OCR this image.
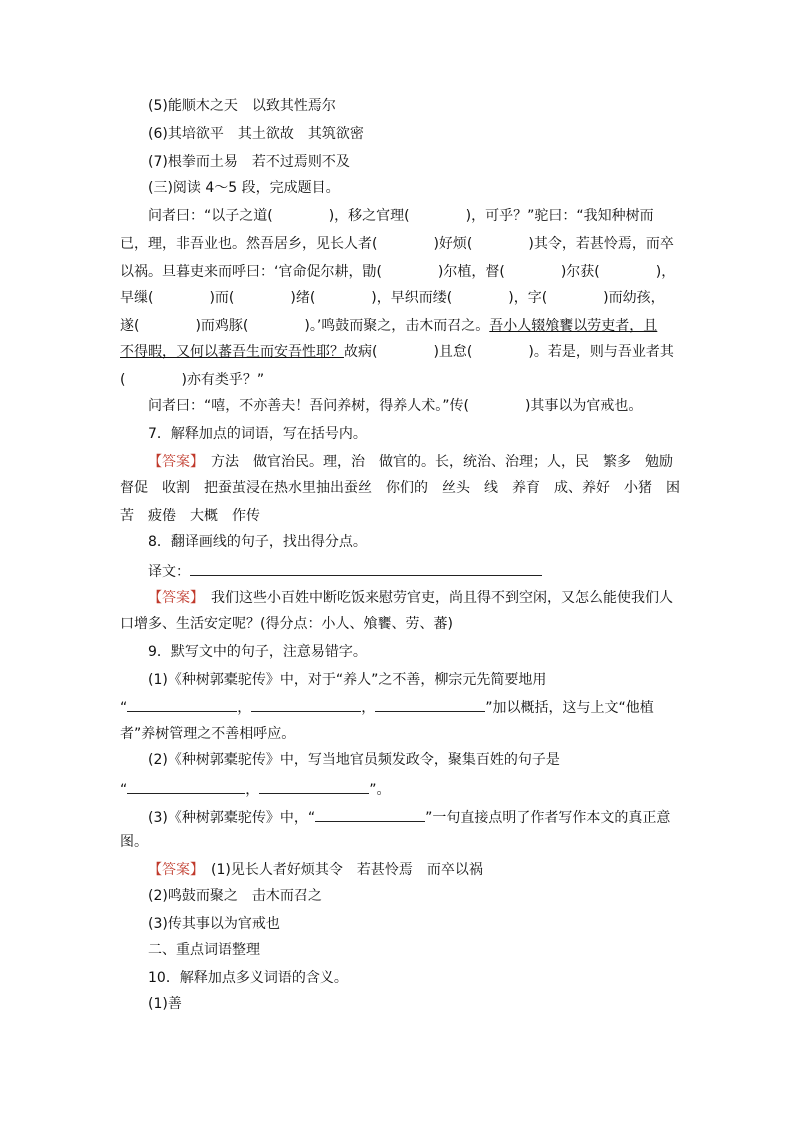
(5)能顺木之天　以致其性焉尔
(6)其培欲平　其土欲故　其筑欲密
(7)根拳而土易　若不过焉则不及
(三)阅读 4～5 段，完成题目。
问者曰：“以子之道(　　　　)，移之官理(　　　　)，可乎？”驼曰：“我知种树而
已，理，非吾业也。然吾居乡，见长人者(　　　　)好烦(　　　　)其令，若甚怜焉，而卒
以祸。旦暮吏来而呼曰：‘官命促尔耕，勖(　　　　)尔植，督(　　　　)尔获(　　　　)，
早缫(　　　　)而(　　　　)绪(　　　　)，早织而缕(　　　　)，字(　　　　)而幼孩，
遂(　　　　)而鸡豚(　　　　)。’鸣鼓而聚之，击木而召之。吾小人辍飧饔以劳吏者，且
不得暇，又何以蕃吾生而安吾性耶？故病(　　　　)且怠(　　　　)。若是，则与吾业者其
(　　　　)亦有类乎？”
问者曰：“嘻，不亦善夫！吾问养树，得养人术。”传(　　　　)其事以为官戒也。
7．解释加点的词语，写在括号内。
【答案】　 方法　做官治民。理，治　做官的。长，统治、治理；人，民　繁多　勉励
督促　收割　把蚕茧浸在热水里抽出蚕丝　你们的　丝头　线　养育　成、养好　小猪　困
苦　疲倦　大概　作传
8．翻译画线的句子，找出得分点。
译文：
【答案】　 我们这些小百姓中断吃饭来慰劳官吏，尚且得不到空闲，又怎么能使我们人
口增多、生活安定呢？(得分点：小人、飧饔、劳、蕃)
9．默写文中的句子，注意易错字。
(1)《种树郭橐驼传》中，对于“养人”之不善，柳宗元先简要地用
“	，	，	”加以概括，这与上文“他植
者”养树管理之不善相呼应。
(2)《种树郭橐驼传》中，写当地官员频发政令，聚集百姓的句子是
“	，	”。
(3)《种树郭橐驼传》中，“	”一句直接点明了作者写作本文的真正意
图。
【答案】　 (1)见长人者好烦其令　若甚怜焉　而卒以祸
(2)鸣鼓而聚之　击木而召之
(3)传其事以为官戒也
二、重点词语整理
10．解释加点多义词语的含义。
(1)善
